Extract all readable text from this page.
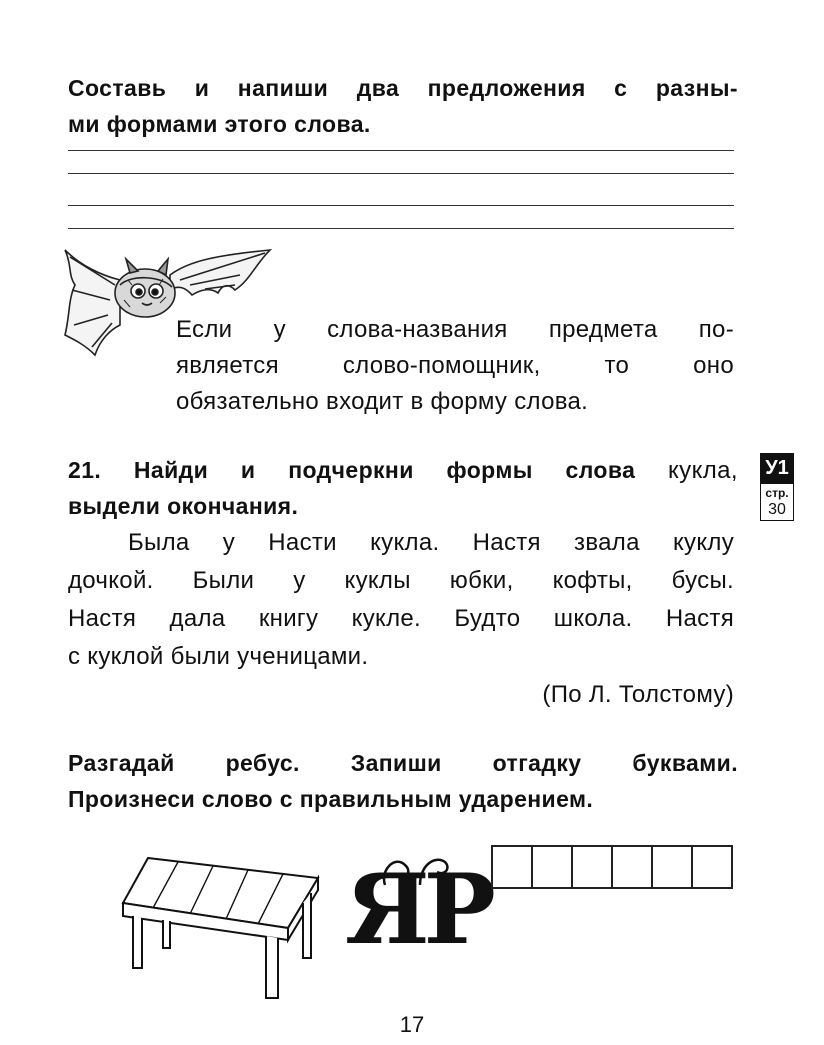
Составь и напиши два предложения с разны-
ми формами этого слова.
Если у слова-названия предмета по-
является слово-помощник, то оно
обязательно входит в форму слова.
21. Найди и подчеркни формы слова кукла,
выдели окончания.
У1
стр.
30
Была у Насти кукла. Настя звала куклу
дочкой. Были у куклы юбки, кофты, бусы.
Настя дала книгу кукле. Будто школа. Настя
с куклой были ученицами.
(По Л. Толстому)
Разгадай ребус. Запиши отгадку буквами.
Произнеси слово с правильным ударением.
ЯР
17
